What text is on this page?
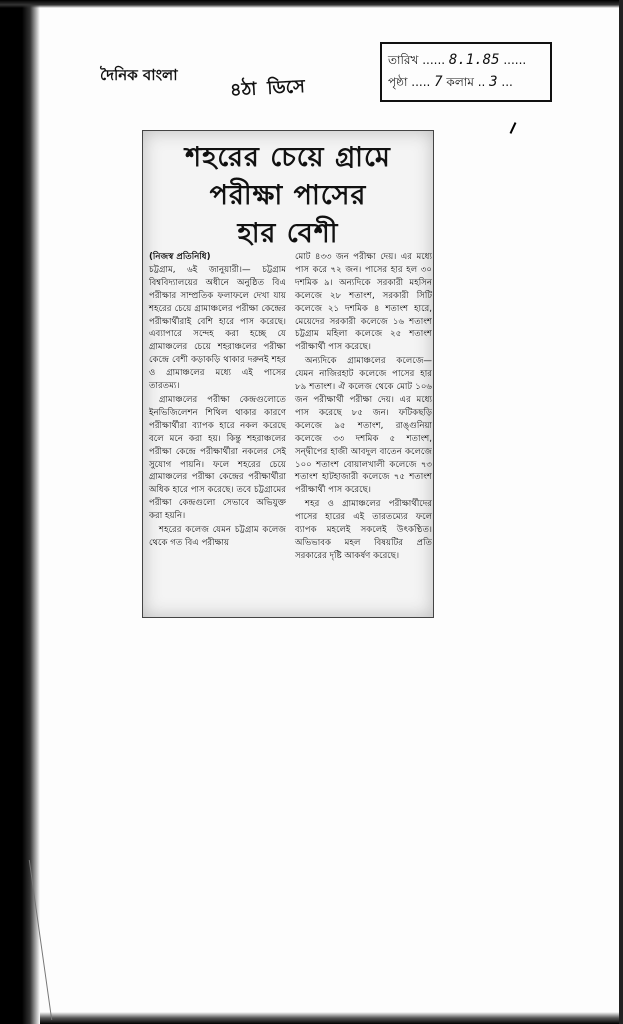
দৈনিক বাংলা
৪ঠা ডিসে
তারিখ ...... 8.1.85 ......
পৃষ্ঠা ..... 7 কলাম .. 3 ...
শহরের চেয়ে গ্রামে
পরীক্ষা পাসের
হার বেশী
(নিজস্ব প্রতিনিধি)

চট্টগ্রাম, ৬ই জানুয়ারী।— চট্টগ্রাম বিশ্ববিদ্যালয়ের অধীনে অনুষ্ঠিত বিএ পরীক্ষার সাম্প্রতিক ফলাফলে দেখা যায় শহরের চেয়ে গ্রামাঞ্চলের পরীক্ষা কেন্দ্রের পরীক্ষার্থীরাই বেশি হারে পাস করেছে। এব্যাপারে সন্দেহ করা হচ্ছে যে গ্রামাঞ্চলের চেয়ে শহরাঞ্চলের পরীক্ষা কেন্দ্রে বেশী কড়াকড়ি থাকার দরুনই শহর ও গ্রামাঞ্চলের মধ্যে এই পাসের তারতম্য।

গ্রামাঞ্চলের পরীক্ষা কেন্দ্রগুলোতে ইনভিজিলেশন শিথিল থাকার কারণে পরীক্ষার্থীরা ব্যাপক হারে নকল করেছে বলে মনে করা হয়। কিন্তু শহরাঞ্চলের পরীক্ষা কেন্দ্রে পরীক্ষার্থীরা নকলের সেই সুযোগ পায়নি। ফলে শহরের চেয়ে গ্রামাঞ্চলের পরীক্ষা কেন্দ্রের পরীক্ষার্থীরা অধিক হারে পাস করেছে। তবে চট্টগ্রামের পরীক্ষা কেন্দ্রগুলো সেভাবে অভিযুক্ত করা হয়নি।

শহরের কলেজ যেমন চট্টগ্রাম কলেজ থেকে গত বিএ পরীক্ষায়

মোট ৪৩৩ জন পরীক্ষা দেয়। এর মধ্যে পাস করে ৭২ জন। পাসের হার হল ৩০ দশমিক ৯। অন্যদিকে সরকারী মহসিন কলেজে ২৮ শতাংশ, সরকারী সিটি কলেজে ২১ দশমিক ৪ শতাংশ হারে, মেয়েদের সরকারী কলেজে ১৬ শতাংশ চট্টগ্রাম মহিলা কলেজে ২৫ শতাংশ পরীক্ষার্থী পাস করেছে।

অন্যদিকে গ্রামাঞ্চলের কলেজে— যেমন নাজিরহাট কলেজে পাসের হার ৮৯ শতাংশ। ঐ কলেজ থেকে মোট ১০৬ জন পরীক্ষার্থী পরীক্ষা দেয়। এর মধ্যে পাস করেছে ৮৫ জন। ফটিকছড়ি কলেজে ৯৫ শতাংশ, রাঙ্গুনিয়া কলেজে ৩৩ দশমিক ৫ শতাংশ, সন্দ্বীপের হাজী আবদুল বাতেন কলেজে ১০০ শতাংশ বোয়ালখালী কলেজে ৭৩ শতাংশ হাটহাজারী কলেজে ৭৫ শতাংশ পরীক্ষার্থী পাস করেছে।

শহর ও গ্রামাঞ্চলের পরীক্ষার্থীদের পাসের হারের এই তারতম্যের ফলে ব্যাপক মহলেই সকলেই উৎকণ্ঠিত। অভিভাবক মহল বিষয়টির প্রতি সরকারের দৃষ্টি আকর্ষণ করেছে।
